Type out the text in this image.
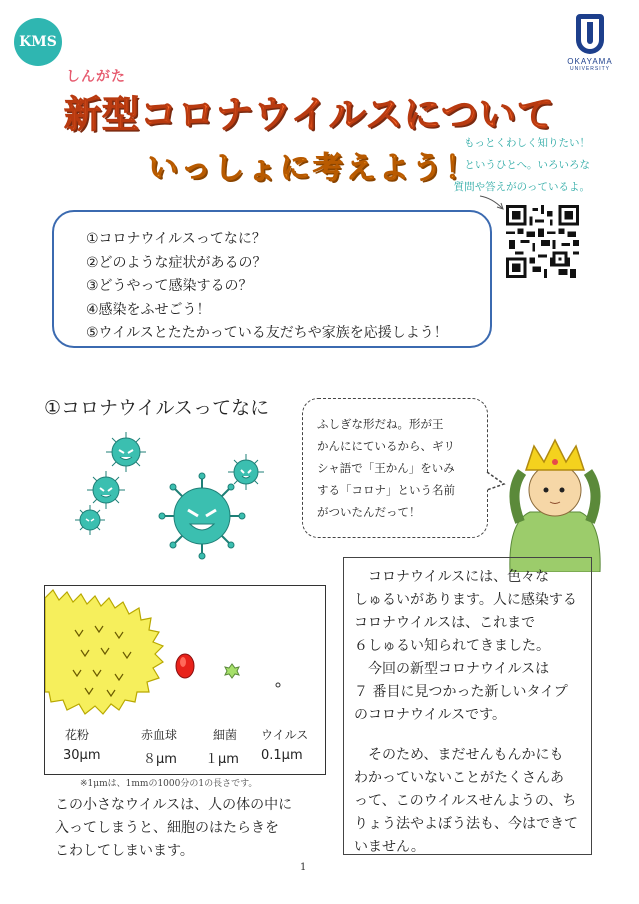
KMS
OKAYAMA
UNIVERSITY
しんがた
新型コロナウイルスについて
いっしょに考えよう！
もっとくわしく知りたい！
というひとへ。いろいろな
質問や答えがのっているよ。
①コロナウイルスってなに？
②どのような症状があるの？
③どうやって感染するの？
④感染をふせごう！
⑤ウイルスとたたかっている友だちや家族を応援しよう！
①コロナウイルスってなに
ふしぎな形だね。形が王
かんににているから、ギリ
シャ語で「王かん」をいみ
する「コロナ」という名前
がついたんだって！
コロナウイルスには、色々な
しゅるいがあります。人に感染する
コロナウイルスは、これまで
６しゅるい知られてきました。
今回の新型コロナウイルスは
７ 番目に見つかった新しいタイプ
のコロナウイルスです。
そのため、まだせんもんかにも
わかっていないことがたくさんあ
って、このウイルスせんようの、ち
りょう法やよぼう法も、今はできて
いません。
花粉	赤血球	細菌 ウイルス
30μm	８μm １μm 0.1μm
※1μmは、1mmの1000分の1の長さです。
この小さなウイルスは、人の体の中に
入ってしまうと、細胞のはたらきを
こわしてしまいます。
1
